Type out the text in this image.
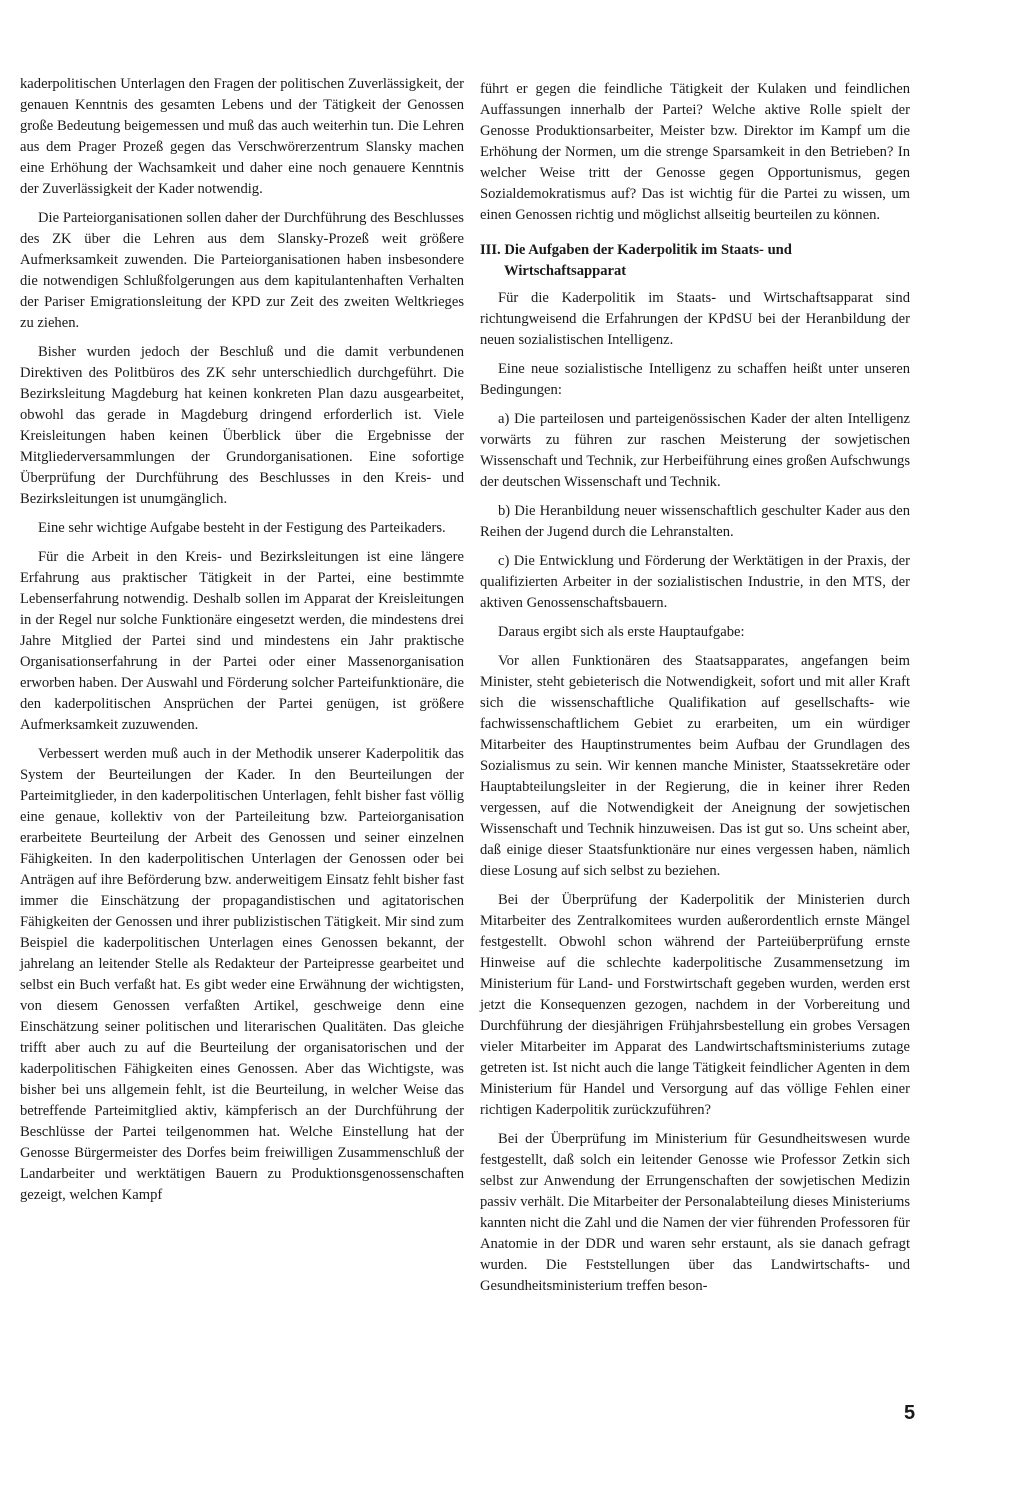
kaderpolitischen Unterlagen den Fragen der politischen Zuverlässigkeit, der genauen Kenntnis des gesamten Lebens und der Tätigkeit der Genossen große Bedeutung beigemessen und muß das auch weiterhin tun. Die Lehren aus dem Prager Prozeß gegen das Verschwörerzentrum Slansky machen eine Erhöhung der Wachsamkeit und daher eine noch genauere Kenntnis der Zuverlässigkeit der Kader notwendig.

Die Parteiorganisationen sollen daher der Durchführung des Beschlusses des ZK über die Lehren aus dem Slansky-Prozeß weit größere Aufmerksamkeit zuwenden. Die Parteiorganisationen haben insbesondere die notwendigen Schlußfolgerungen aus dem kapitulantenhaften Verhalten der Pariser Emigrationsleitung der KPD zur Zeit des zweiten Weltkrieges zu ziehen.

Bisher wurden jedoch der Beschluß und die damit verbundenen Direktiven des Politbüros des ZK sehr unterschiedlich durchgeführt. Die Bezirksleitung Magdeburg hat keinen konkreten Plan dazu ausgearbeitet, obwohl das gerade in Magdeburg dringend erforderlich ist. Viele Kreisleitungen haben keinen Überblick über die Ergebnisse der Mitgliederversammlungen der Grundorganisationen. Eine sofortige Überprüfung der Durchführung des Beschlusses in den Kreis- und Bezirksleitungen ist unumgänglich.

Eine sehr wichtige Aufgabe besteht in der Festigung des Parteikaders.

Für die Arbeit in den Kreis- und Bezirksleitungen ist eine längere Erfahrung aus praktischer Tätigkeit in der Partei, eine bestimmte Lebenserfahrung notwendig. Deshalb sollen im Apparat der Kreisleitungen in der Regel nur solche Funktionäre eingesetzt werden, die mindestens drei Jahre Mitglied der Partei sind und mindestens ein Jahr praktische Organisationserfahrung in der Partei oder einer Massenorganisation erworben haben. Der Auswahl und Förderung solcher Parteifunktionäre, die den kaderpolitischen Ansprüchen der Partei genügen, ist größere Aufmerksamkeit zuzuwenden.

Verbessert werden muß auch in der Methodik unserer Kaderpolitik das System der Beurteilungen der Kader. In den Beurteilungen der Parteimitglieder, in den kaderpolitischen Unterlagen, fehlt bisher fast völlig eine genaue, kollektiv von der Parteileitung bzw. Parteiorganisation erarbeitete Beurteilung der Arbeit des Genossen und seiner einzelnen Fähigkeiten. In den kaderpolitischen Unterlagen der Genossen oder bei Anträgen auf ihre Beförderung bzw. anderweitigem Einsatz fehlt bisher fast immer die Einschätzung der propagandistischen und agitatorischen Fähigkeiten der Genossen und ihrer publizistischen Tätigkeit. Mir sind zum Beispiel die kaderpolitischen Unterlagen eines Genossen bekannt, der jahrelang an leitender Stelle als Redakteur der Parteipresse gearbeitet und selbst ein Buch verfaßt hat. Es gibt weder eine Erwähnung der wichtigsten, von diesem Genossen verfaßten Artikel, geschweige denn eine Einschätzung seiner politischen und literarischen Qualitäten. Das gleiche trifft aber auch zu auf die Beurteilung der organisatorischen und der kaderpolitischen Fähigkeiten eines Genossen. Aber das Wichtigste, was bisher bei uns allgemein fehlt, ist die Beurteilung, in welcher Weise das betreffende Parteimitglied aktiv, kämpferisch an der Durchführung der Beschlüsse der Partei teilgenommen hat. Welche Einstellung hat der Genosse Bürgermeister des Dorfes beim freiwilligen Zusammenschluß der Landarbeiter und werktätigen Bauern zu Produktionsgenossenschaften gezeigt, welchen Kampf

führt er gegen die feindliche Tätigkeit der Kulaken und feindlichen Auffassungen innerhalb der Partei? Welche aktive Rolle spielt der Genosse Produktionsarbeiter, Meister bzw. Direktor im Kampf um die Erhöhung der Normen, um die strenge Sparsamkeit in den Betrieben? In welcher Weise tritt der Genosse gegen Opportunismus, gegen Sozialdemokratismus auf? Das ist wichtig für die Partei zu wissen, um einen Genossen richtig und möglichst allseitig beurteilen zu können.

III. Die Aufgaben der Kaderpolitik im Staats- und
Wirtschaftsapparat

Für die Kaderpolitik im Staats- und Wirtschaftsapparat sind richtungweisend die Erfahrungen der KPdSU bei der Heranbildung der neuen sozialistischen Intelligenz.

Eine neue sozialistische Intelligenz zu schaffen heißt unter unseren Bedingungen:

a) Die parteilosen und parteigenössischen Kader der alten Intelligenz vorwärts zu führen zur raschen Meisterung der sowjetischen Wissenschaft und Technik, zur Herbeiführung eines großen Aufschwungs der deutschen Wissenschaft und Technik.

b) Die Heranbildung neuer wissenschaftlich geschulter Kader aus den Reihen der Jugend durch die Lehranstalten.

c) Die Entwicklung und Förderung der Werktätigen in der Praxis, der qualifizierten Arbeiter in der sozialistischen Industrie, in den MTS, der aktiven Genossenschaftsbauern.

Daraus ergibt sich als erste Hauptaufgabe:

Vor allen Funktionären des Staatsapparates, angefangen beim Minister, steht gebieterisch die Notwendigkeit, sofort und mit aller Kraft sich die wissenschaftliche Qualifikation auf gesellschafts- wie fachwissenschaftlichem Gebiet zu erarbeiten, um ein würdiger Mitarbeiter des Hauptinstrumentes beim Aufbau der Grundlagen des Sozialismus zu sein. Wir kennen manche Minister, Staatssekretäre oder Hauptabteilungsleiter in der Regierung, die in keiner ihrer Reden vergessen, auf die Notwendigkeit der Aneignung der sowjetischen Wissenschaft und Technik hinzuweisen. Das ist gut so. Uns scheint aber, daß einige dieser Staatsfunktionäre nur eines vergessen haben, nämlich diese Losung auf sich selbst zu beziehen.

Bei der Überprüfung der Kaderpolitik der Ministerien durch Mitarbeiter des Zentralkomitees wurden außerordentlich ernste Mängel festgestellt. Obwohl schon während der Parteiüberprüfung ernste Hinweise auf die schlechte kaderpolitische Zusammensetzung im Ministerium für Land- und Forstwirtschaft gegeben wurden, werden erst jetzt die Konsequenzen gezogen, nachdem in der Vorbereitung und Durchführung der diesjährigen Frühjahrsbestellung ein grobes Versagen vieler Mitarbeiter im Apparat des Landwirtschaftsministeriums zutage getreten ist. Ist nicht auch die lange Tätigkeit feindlicher Agenten in dem Ministerium für Handel und Versorgung auf das völlige Fehlen einer richtigen Kaderpolitik zurückzuführen?

Bei der Überprüfung im Ministerium für Gesundheitswesen wurde festgestellt, daß solch ein leitender Genosse wie Professor Zetkin sich selbst zur Anwendung der Errungenschaften der sowjetischen Medizin passiv verhält. Die Mitarbeiter der Personalabteilung dieses Ministeriums kannten nicht die Zahl und die Namen der vier führenden Professoren für Anatomie in der DDR und waren sehr erstaunt, als sie danach gefragt wurden. Die Feststellungen über das Landwirtschafts- und Gesundheitsministerium treffen beson-

5
